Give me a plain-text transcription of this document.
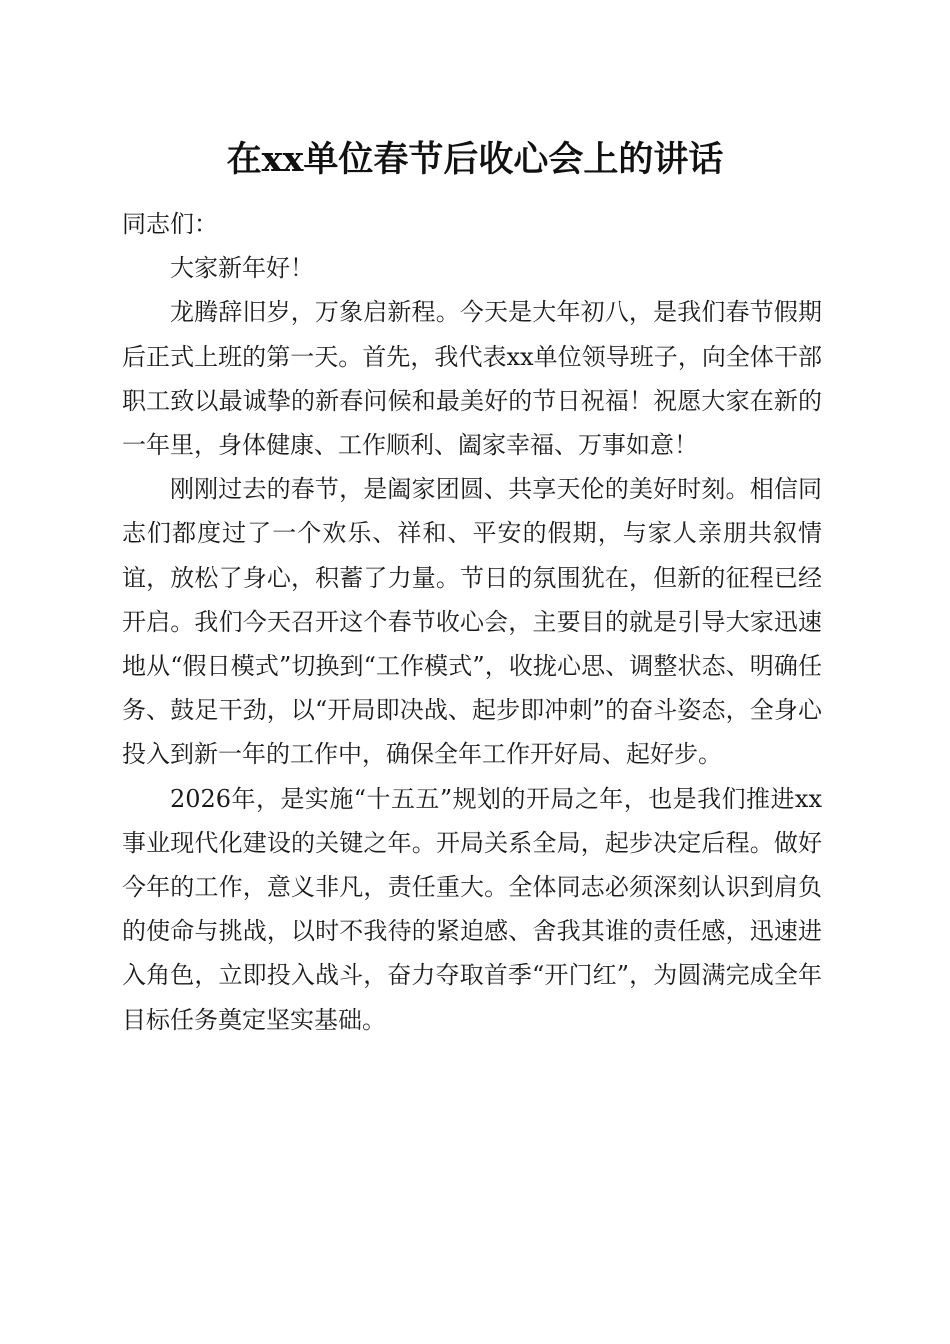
在xx单位春节后收心会上的讲话

同志们：

大家新年好！

龙腾辞旧岁，万象启新程。今天是大年初八，是我们春节假期后正式上班的第一天。首先，我代表xx单位领导班子，向全体干部职工致以最诚挚的新春问候和最美好的节日祝福！祝愿大家在新的一年里，身体健康、工作顺利、阖家幸福、万事如意！

刚刚过去的春节，是阖家团圆、共享天伦的美好时刻。相信同志们都度过了一个欢乐、祥和、平安的假期，与家人亲朋共叙情谊，放松了身心，积蓄了力量。节日的氛围犹在，但新的征程已经开启。我们今天召开这个春节收心会，主要目的就是引导大家迅速地从“假日模式”切换到“工作模式”，收拢心思、调整状态、明确任务、鼓足干劲，以“开局即决战、起步即冲刺”的奋斗姿态，全身心投入到新一年的工作中，确保全年工作开好局、起好步。

2026年，是实施“十五五”规划的开局之年，也是我们推进xx事业现代化建设的关键之年。开局关系全局，起步决定后程。做好今年的工作，意义非凡，责任重大。全体同志必须深刻认识到肩负的使命与挑战，以时不我待的紧迫感、舍我其谁的责任感，迅速进入角色，立即投入战斗，奋力夺取首季“开门红”，为圆满完成全年目标任务奠定坚实基础。
